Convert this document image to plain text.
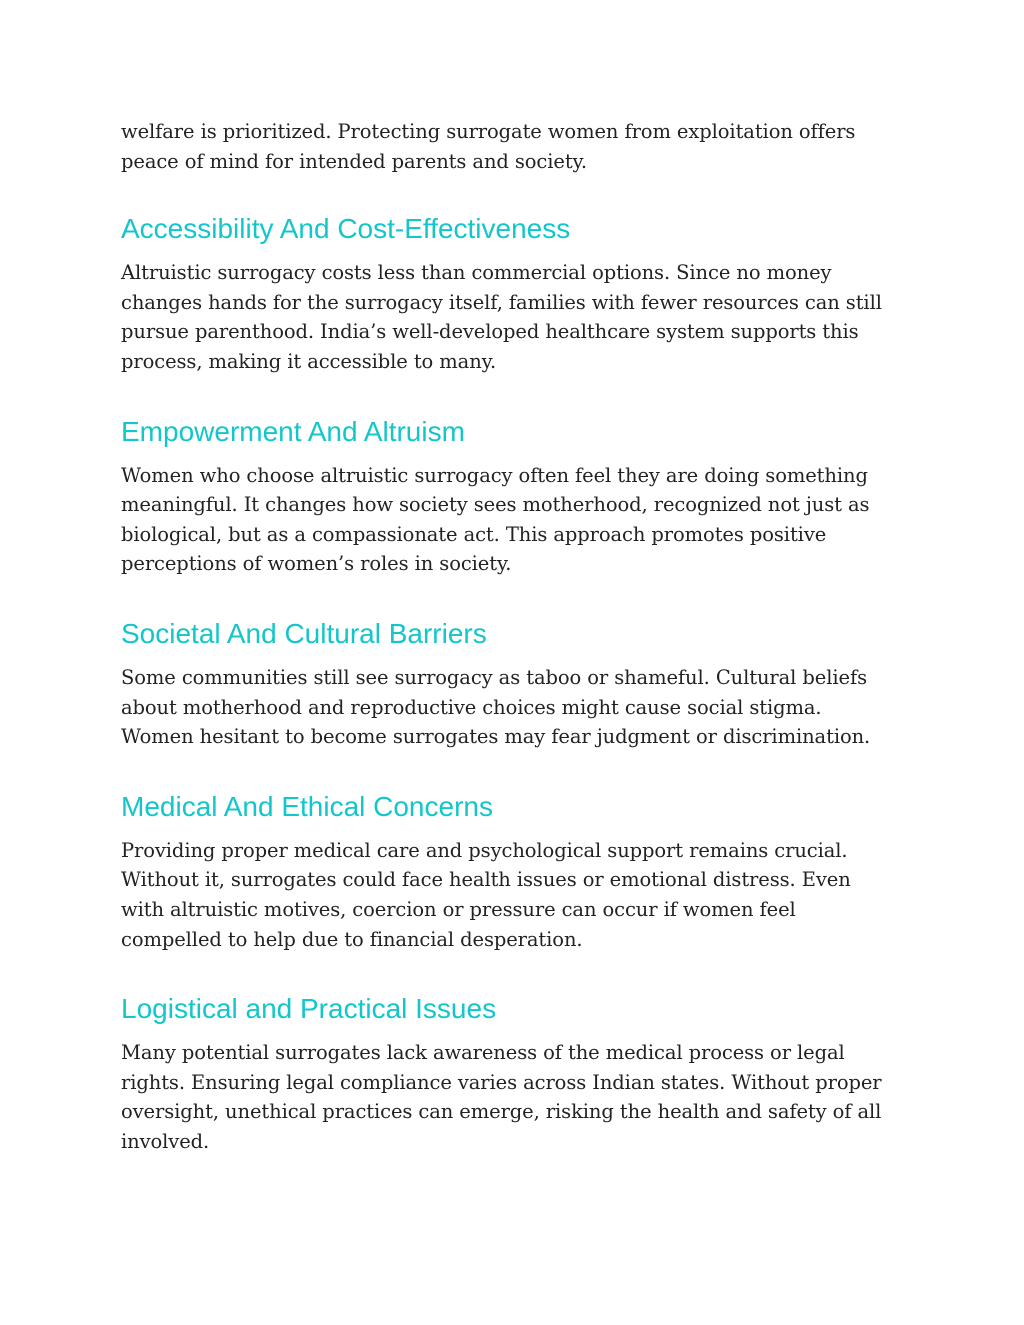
welfare is prioritized. Protecting surrogate women from exploitation offers
peace of mind for intended parents and society.

Accessibility And Cost-Effectiveness

Altruistic surrogacy costs less than commercial options. Since no money
changes hands for the surrogacy itself, families with fewer resources can still
pursue parenthood. India’s well-developed healthcare system supports this
process, making it accessible to many.

Empowerment And Altruism

Women who choose altruistic surrogacy often feel they are doing something
meaningful. It changes how society sees motherhood, recognized not just as
biological, but as a compassionate act. This approach promotes positive
perceptions of women’s roles in society.

Societal And Cultural Barriers

Some communities still see surrogacy as taboo or shameful. Cultural beliefs
about motherhood and reproductive choices might cause social stigma.
Women hesitant to become surrogates may fear judgment or discrimination.

Medical And Ethical Concerns

Providing proper medical care and psychological support remains crucial.
Without it, surrogates could face health issues or emotional distress. Even
with altruistic motives, coercion or pressure can occur if women feel
compelled to help due to financial desperation.

Logistical and Practical Issues

Many potential surrogates lack awareness of the medical process or legal
rights. Ensuring legal compliance varies across Indian states. Without proper
oversight, unethical practices can emerge, risking the health and safety of all
involved.
